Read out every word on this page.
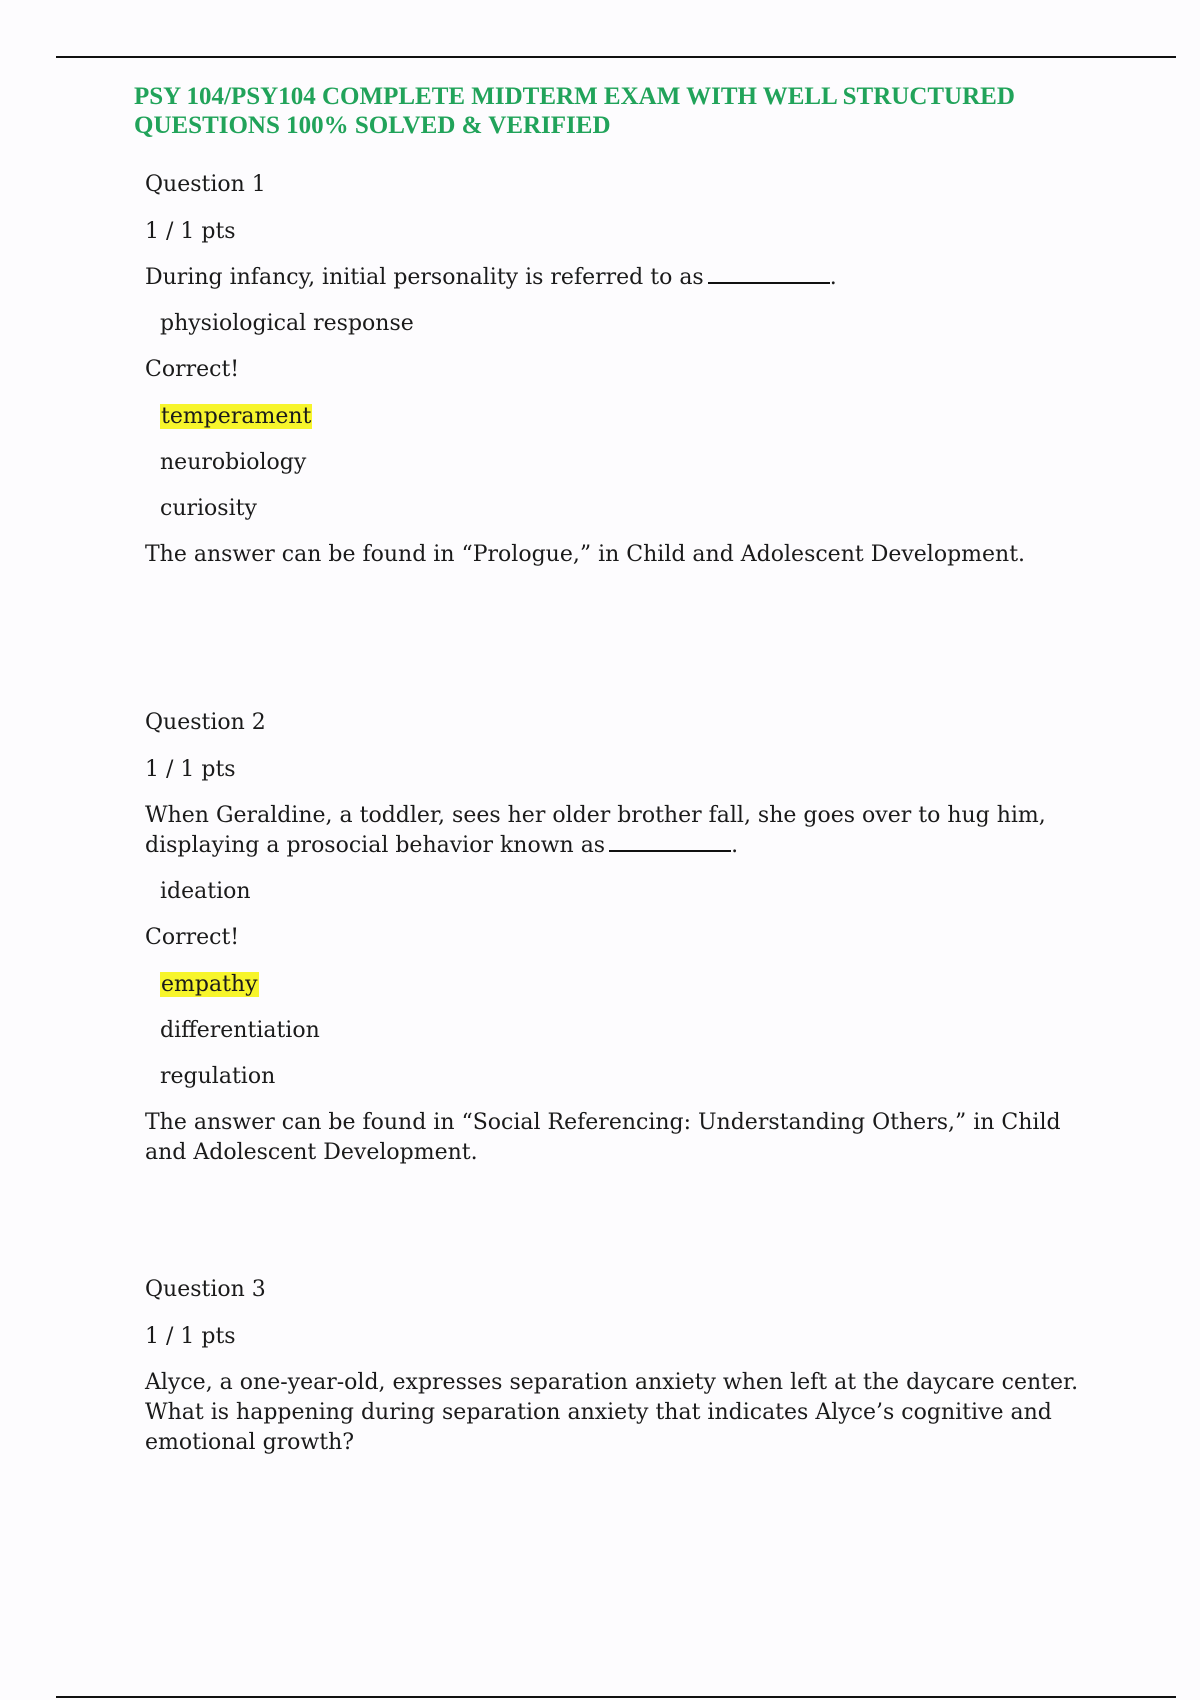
PSY 104/PSY104 COMPLETE MIDTERM EXAM WITH WELL STRUCTURED QUESTIONS 100% SOLVED & VERIFIED

Question 1

1 / 1 pts

During infancy, initial personality is referred to as	.

physiological response

Correct!

temperament
neurobiology
curiosity

The answer can be found in “Prologue,” in Child and Adolescent Development.

Question 2

1 / 1 pts

When Geraldine, a toddler, sees her older brother fall, she goes over to hug him, displaying a prosocial behavior known as	.

ideation

Correct!

empathy
differentiation
regulation

The answer can be found in “Social Referencing: Understanding Others,” in Child and Adolescent Development.

Question 3

1 / 1 pts

Alyce, a one-year-old, expresses separation anxiety when left at the daycare center. What is happening during separation anxiety that indicates Alyce’s cognitive and emotional growth?
